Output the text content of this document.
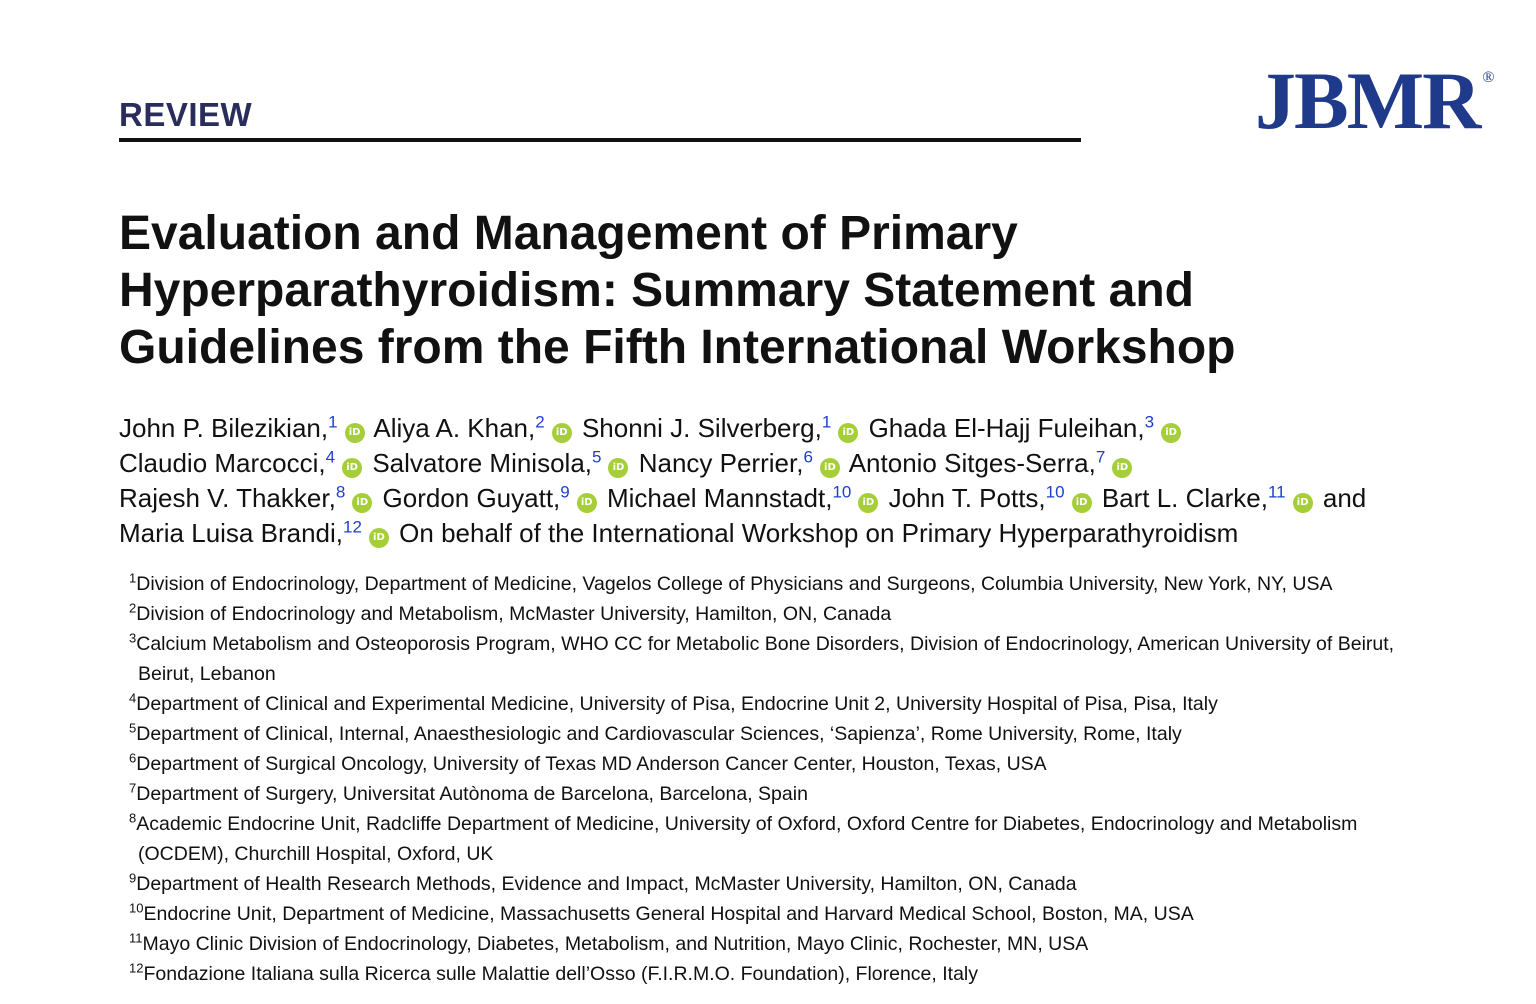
REVIEW	JBMR ®
Evaluation and Management of Primary
Hyperparathyroidism: Summary Statement and
Guidelines from the Fifth International Workshop
John P. Bilezikian,$^1$iD Aliya A. Khan,$^2$iD Shonni J. Silverberg,$^1$iD Ghada El-Hajj Fuleihan,$^3$iD
Claudio Marcocci,$^4$iD Salvatore Minisola,$^5$iD Nancy Perrier,$^6$iD Antonio Sitges-Serra,$^7$iD
Rajesh V. Thakker,$^8$iD Gordon Guyatt,$^9$iD Michael Mannstadt,$^{10}$iD John T. Potts,$^{10}$iD Bart L. Clarke,$^{11}$iD and
Maria Luisa Brandi,$^{12}$iD On behalf of the International Workshop on Primary Hyperparathyroidism
$^1$Division of Endocrinology, Department of Medicine, Vagelos College of Physicians and Surgeons, Columbia University, New York, NY, USA
$^2$Division of Endocrinology and Metabolism, McMaster University, Hamilton, ON, Canada
$^3$Calcium Metabolism and Osteoporosis Program, WHO CC for Metabolic Bone Disorders, Division of Endocrinology, American University of Beirut,
Beirut, Lebanon
$^4$Department of Clinical and Experimental Medicine, University of Pisa, Endocrine Unit 2, University Hospital of Pisa, Pisa, Italy
$^5$Department of Clinical, Internal, Anaesthesiologic and Cardiovascular Sciences, ‘Sapienza’, Rome University, Rome, Italy
$^6$Department of Surgical Oncology, University of Texas MD Anderson Cancer Center, Houston, Texas, USA
$^7$Department of Surgery, Universitat Autònoma de Barcelona, Barcelona, Spain
$^8$Academic Endocrine Unit, Radcliffe Department of Medicine, University of Oxford, Oxford Centre for Diabetes, Endocrinology and Metabolism
(OCDEM), Churchill Hospital, Oxford, UK
$^9$Department of Health Research Methods, Evidence and Impact, McMaster University, Hamilton, ON, Canada
$^{10}$Endocrine Unit, Department of Medicine, Massachusetts General Hospital and Harvard Medical School, Boston, MA, USA
$^{11}$Mayo Clinic Division of Endocrinology, Diabetes, Metabolism, and Nutrition, Mayo Clinic, Rochester, MN, USA
$^{12}$Fondazione Italiana sulla Ricerca sulle Malattie dell’Osso (F.I.R.M.O. Foundation), Florence, Italy
